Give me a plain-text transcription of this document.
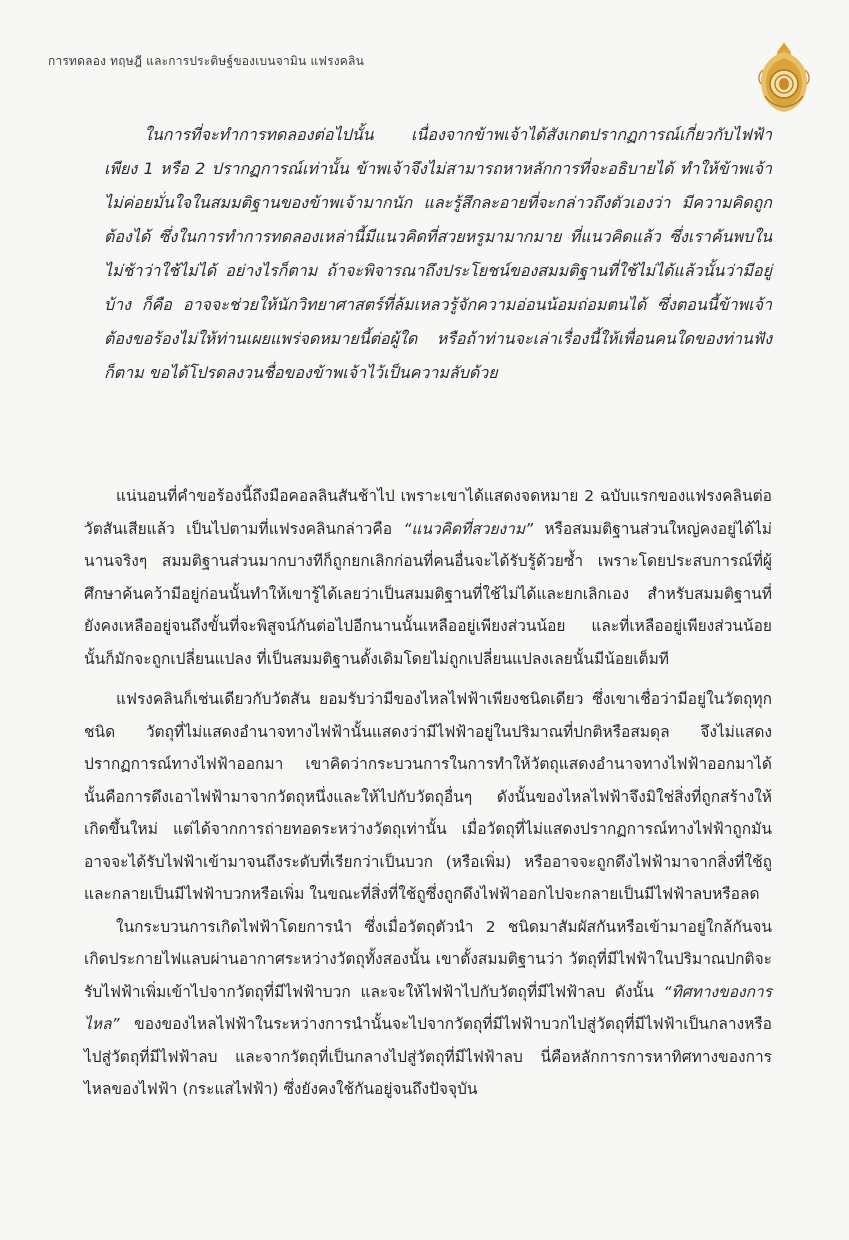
การทดลอง ทฤษฎี และการประดิษฐ์ของเบนจามิน แฟรงคลิน

ในการที่จะทำการทดลองต่อไปนั้น เนื่องจากข้าพเจ้าได้สังเกตปรากฏการณ์เกี่ยวกับไฟฟ้าเพียง 1 หรือ 2 ปรากฏการณ์เท่านั้น ข้าพเจ้าจึงไม่สามารถหาหลักการที่จะอธิบายได้ ทำให้ข้าพเจ้าไม่ค่อยมั่นใจในสมมติฐานของข้าพเจ้ามากนัก และรู้สึกละอายที่จะกล่าวถึงตัวเองว่า มีความคิดถูกต้องได้ ซึ่งในการทำการทดลองเหล่านี้มีแนวคิดที่สวยหรูมามากมาย ที่แนวคิดแล้ว ซึ่งเราค้นพบในไม่ช้าว่าใช้ไม่ได้ อย่างไรก็ตาม ถ้าจะพิจารณาถึงประโยชน์ของสมมติฐานที่ใช้ไม่ได้แล้วนั้นว่ามีอยู่บ้าง ก็คือ อาจจะช่วยให้นักวิทยาศาสตร์ที่ล้มเหลวรู้จักความอ่อนน้อมถ่อมตนได้ ซึ่งตอนนี้ข้าพเจ้าต้องขอร้องไม่ให้ท่านเผยแพร่จดหมายนี้ต่อผู้ใด หรือถ้าท่านจะเล่าเรื่องนี้ให้เพื่อนคนใดของท่านฟังก็ตาม ขอได้โปรดลงวนชื่อของข้าพเจ้าไว้เป็นความลับด้วย

แน่นอนที่คำขอร้องนี้ถึงมือคอลลินสันช้าไป เพราะเขาได้แสดงจดหมาย 2 ฉบับแรกของแฟรงคลินต่อวัตสันเสียแล้ว เป็นไปตามที่แฟรงคลินกล่าวคือ “แนวคิดที่สวยงาม” หรือสมมติฐานส่วนใหญ่คงอยู่ได้ไม่นานจริงๆ สมมติฐานส่วนมากบางทีก็ถูกยกเลิกก่อนที่คนอื่นจะได้รับรู้ด้วยซ้ำ เพราะโดยประสบการณ์ที่ผู้ศึกษาค้นคว้ามีอยู่ก่อนนั้นทำให้เขารู้ได้เลยว่าเป็นสมมติฐานที่ใช้ไม่ได้และยกเลิกเอง สำหรับสมมติฐานที่ยังคงเหลืออยู่จนถึงขั้นที่จะพิสูจน์กันต่อไปอีกนานนั้นเหลืออยู่เพียงส่วนน้อย และที่เหลืออยู่เพียงส่วนน้อยนั้นก็มักจะถูกเปลี่ยนแปลง ที่เป็นสมมติฐานดั้งเดิมโดยไม่ถูกเปลี่ยนแปลงเลยนั้นมีน้อยเต็มที

แฟรงคลินก็เช่นเดียวกับวัตสัน ยอมรับว่ามีของไหลไฟฟ้าเพียงชนิดเดียว ซึ่งเขาเชื่อว่ามีอยู่ในวัตถุทุกชนิด วัตถุที่ไม่แสดงอำนาจทางไฟฟ้านั้นแสดงว่ามีไฟฟ้าอยู่ในปริมาณที่ปกติหรือสมดุล จึงไม่แสดงปรากฏการณ์ทางไฟฟ้าออกมา เขาคิดว่ากระบวนการในการทำให้วัตถุแสดงอำนาจทางไฟฟ้าออกมาได้นั้นคือการดึงเอาไฟฟ้ามาจากวัตถุหนึ่งและให้ไปกับวัตถุอื่นๆ ดังนั้นของไหลไฟฟ้าจึงมิใช่สิ่งที่ถูกสร้างให้เกิดขึ้นใหม่ แต่ได้จากการถ่ายทอดระหว่างวัตถุเท่านั้น เมื่อวัตถุที่ไม่แสดงปรากฏการณ์ทางไฟฟ้าถูกมันอาจจะได้รับไฟฟ้าเข้ามาจนถึงระดับที่เรียกว่าเป็นบวก (หรือเพิ่ม) หรืออาจจะถูกดึงไฟฟ้ามาจากสิ่งที่ใช้ถูและกลายเป็นมีไฟฟ้าบวกหรือเพิ่ม ในขณะที่สิ่งที่ใช้ถูซึ่งถูกดึงไฟฟ้าออกไปจะกลายเป็นมีไฟฟ้าลบหรือลด

ในกระบวนการเกิดไฟฟ้าโดยการนำ ซึ่งเมื่อวัตถุตัวนำ 2 ชนิดมาสัมผัสกันหรือเข้ามาอยู่ใกล้กันจนเกิดประกายไฟแลบผ่านอากาศระหว่างวัตถุทั้งสองนั้น เขาตั้งสมมติฐานว่า วัตถุที่มีไฟฟ้าในปริมาณปกติจะรับไฟฟ้าเพิ่มเข้าไปจากวัตถุที่มีไฟฟ้าบวก และจะให้ไฟฟ้าไปกับวัตถุที่มีไฟฟ้าลบ ดังนั้น “ทิศทางของการไหล” ของของไหลไฟฟ้าในระหว่างการนำนั้นจะไปจากวัตถุที่มีไฟฟ้าบวกไปสู่วัตถุที่มีไฟฟ้าเป็นกลางหรือไปสู่วัตถุที่มีไฟฟ้าลบ และจากวัตถุที่เป็นกลางไปสู่วัตถุที่มีไฟฟ้าลบ นี่คือหลักการการหาทิศทางของการไหลของไฟฟ้า (กระแสไฟฟ้า) ซึ่งยังคงใช้กันอยู่จนถึงปัจจุบัน
